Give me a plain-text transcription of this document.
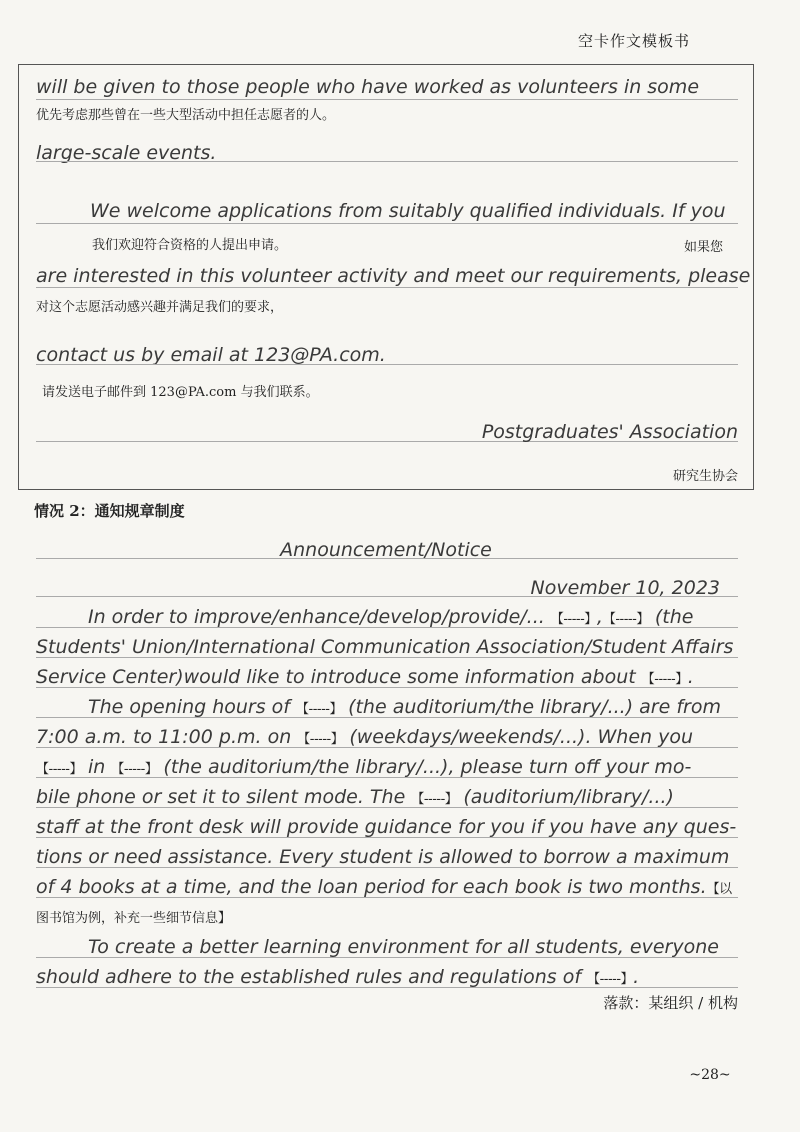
空卡作文模板书
will be given to those people who have worked as volunteers in some
优先考虑那些曾在一些大型活动中担任志愿者的人。
large-scale events.
We welcome applications from suitably qualified individuals. If you
我们欢迎符合资格的人提出申请。	如果您
are interested in this volunteer activity and meet our requirements, please
对这个志愿活动感兴趣并满足我们的要求，
contact us by email at 123@PA.com.
请发送电子邮件到 123@PA.com 与我们联系。
Postgraduates' Association
研究生协会
情况 2：通知规章制度
Announcement/Notice
November 10, 2023
In order to improve/enhance/develop/provide/... 【-----】,【-----】 (the
Students' Union/International Communication Association/Student Affairs
Service Center)would like to introduce some information about 【-----】.
The opening hours of 【-----】 (the auditorium/the library/...) are from
7:00 a.m. to 11:00 p.m. on 【-----】 (weekdays/weekends/...). When you
【-----】 in 【-----】 (the auditorium/the library/...), please turn off your mo-
bile phone or set it to silent mode. The 【-----】 (auditorium/library/...)
staff at the front desk will provide guidance for you if you have any ques-
tions or need assistance. Every student is allowed to borrow a maximum
of 4 books at a time, and the loan period for each book is two months.【以
图书馆为例，补充一些细节信息】
To create a better learning environment for all students, everyone
should adhere to the established rules and regulations of 【-----】.
落款：某组织 / 机构
~28~
